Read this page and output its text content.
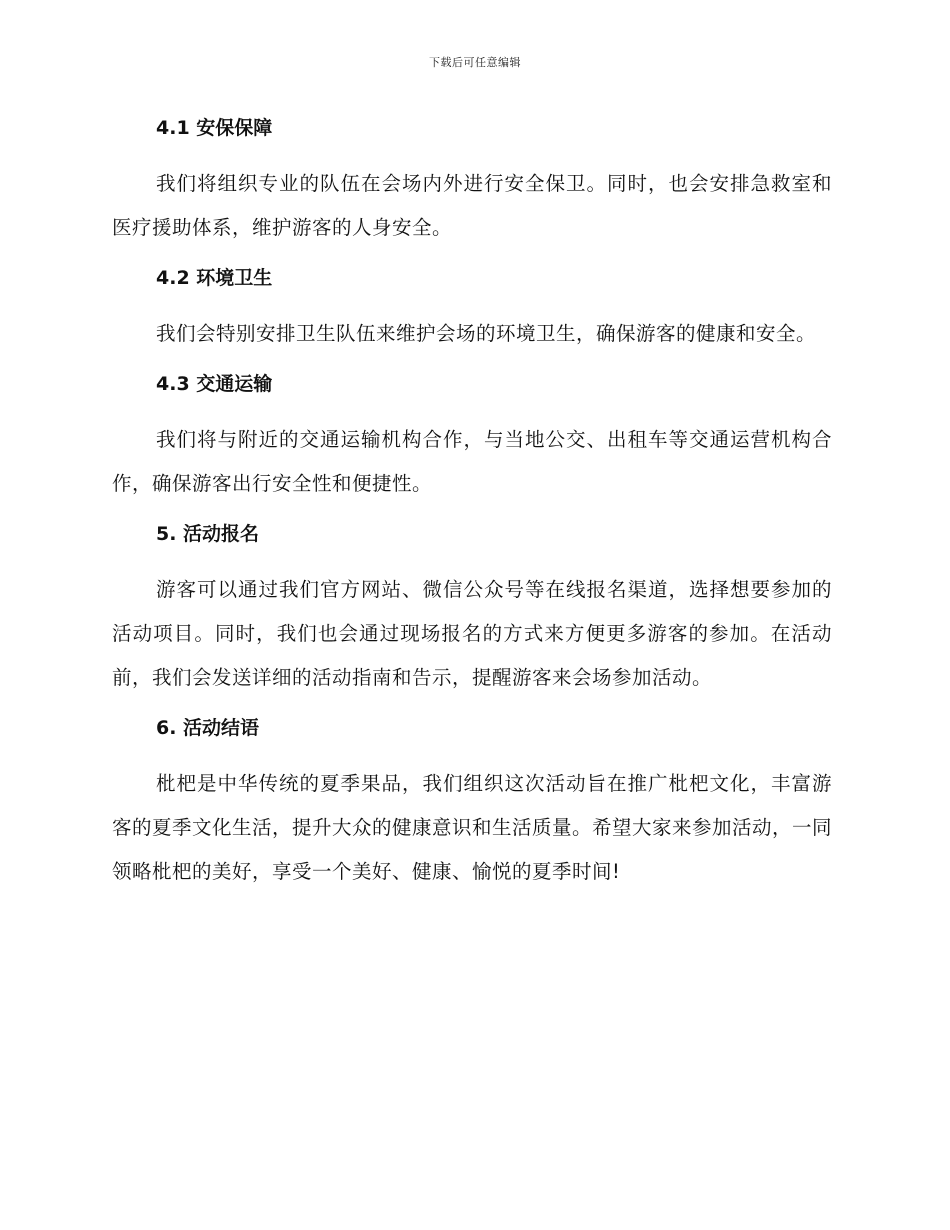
下载后可任意编辑
4.1 安保保障

我们将组织专业的队伍在会场内外进行安全保卫。同时，也会安排急救室和医疗援助体系，维护游客的人身安全。

4.2 环境卫生

我们会特别安排卫生队伍来维护会场的环境卫生，确保游客的健康和安全。

4.3 交通运输

我们将与附近的交通运输机构合作，与当地公交、出租车等交通运营机构合作，确保游客出行安全性和便捷性。

5. 活动报名

游客可以通过我们官方网站、微信公众号等在线报名渠道，选择想要参加的活动项目。同时，我们也会通过现场报名的方式来方便更多游客的参加。在活动前，我们会发送详细的活动指南和告示，提醒游客来会场参加活动。

6. 活动结语

枇杷是中华传统的夏季果品，我们组织这次活动旨在推广枇杷文化，丰富游客的夏季文化生活，提升大众的健康意识和生活质量。希望大家来参加活动，一同领略枇杷的美好，享受一个美好、健康、愉悦的夏季时间!
